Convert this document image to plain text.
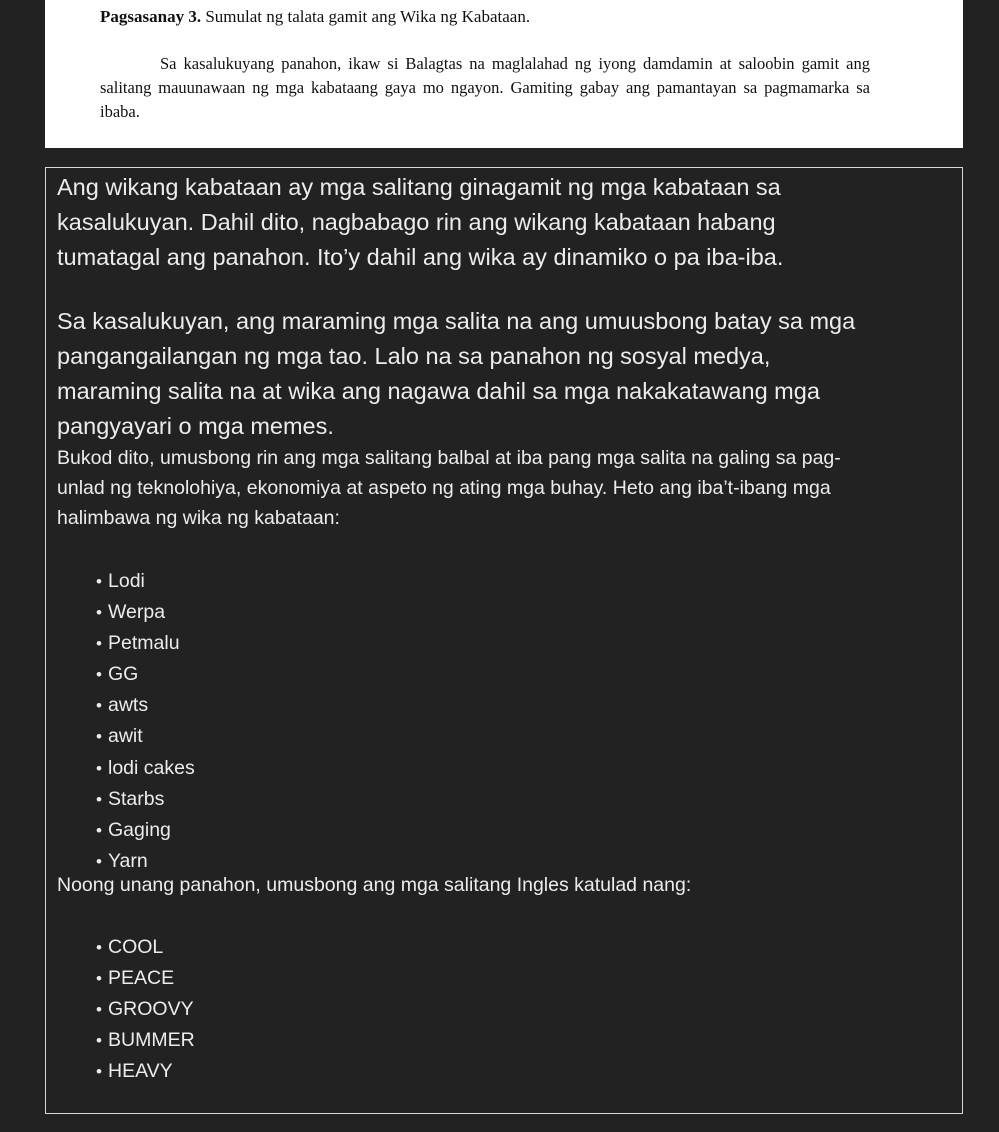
Pagsasanay 3. Sumulat ng talata gamit ang Wika ng Kabataan.

Sa kasalukuyang panahon, ikaw si Balagtas na maglalahad ng iyong damdamin at saloobin gamit ang salitang mauunawaan ng mga kabataang gaya mo ngayon. Gamiting gabay ang pamantayan sa pagmamarka sa ibaba.

Ang wikang kabataan ay mga salitang ginagamit ng mga kabataan sa
kasalukuyan. Dahil dito, nagbabago rin ang wikang kabataan habang
tumatagal ang panahon. Ito’y dahil ang wika ay dinamiko o pa iba-iba.
Sa kasalukuyan, ang maraming mga salita na ang umuusbong batay sa mga
pangangailangan ng mga tao. Lalo na sa panahon ng sosyal medya,
maraming salita na at wika ang nagawa dahil sa mga nakakatawang mga
pangyayari o mga memes.
Bukod dito, umusbong rin ang mga salitang balbal at iba pang mga salita na galing sa pag-
unlad ng teknolohiya, ekonomiya at aspeto ng ating mga buhay. Heto ang iba’t-ibang mga
halimbawa ng wika ng kabataan:
• Lodi
• Werpa
• Petmalu
• GG
• awts
• awit
• lodi cakes
• Starbs
• Gaging
• Yarn
Noong unang panahon, umusbong ang mga salitang Ingles katulad nang:
• COOL
• PEACE
• GROOVY
• BUMMER
• HEAVY
